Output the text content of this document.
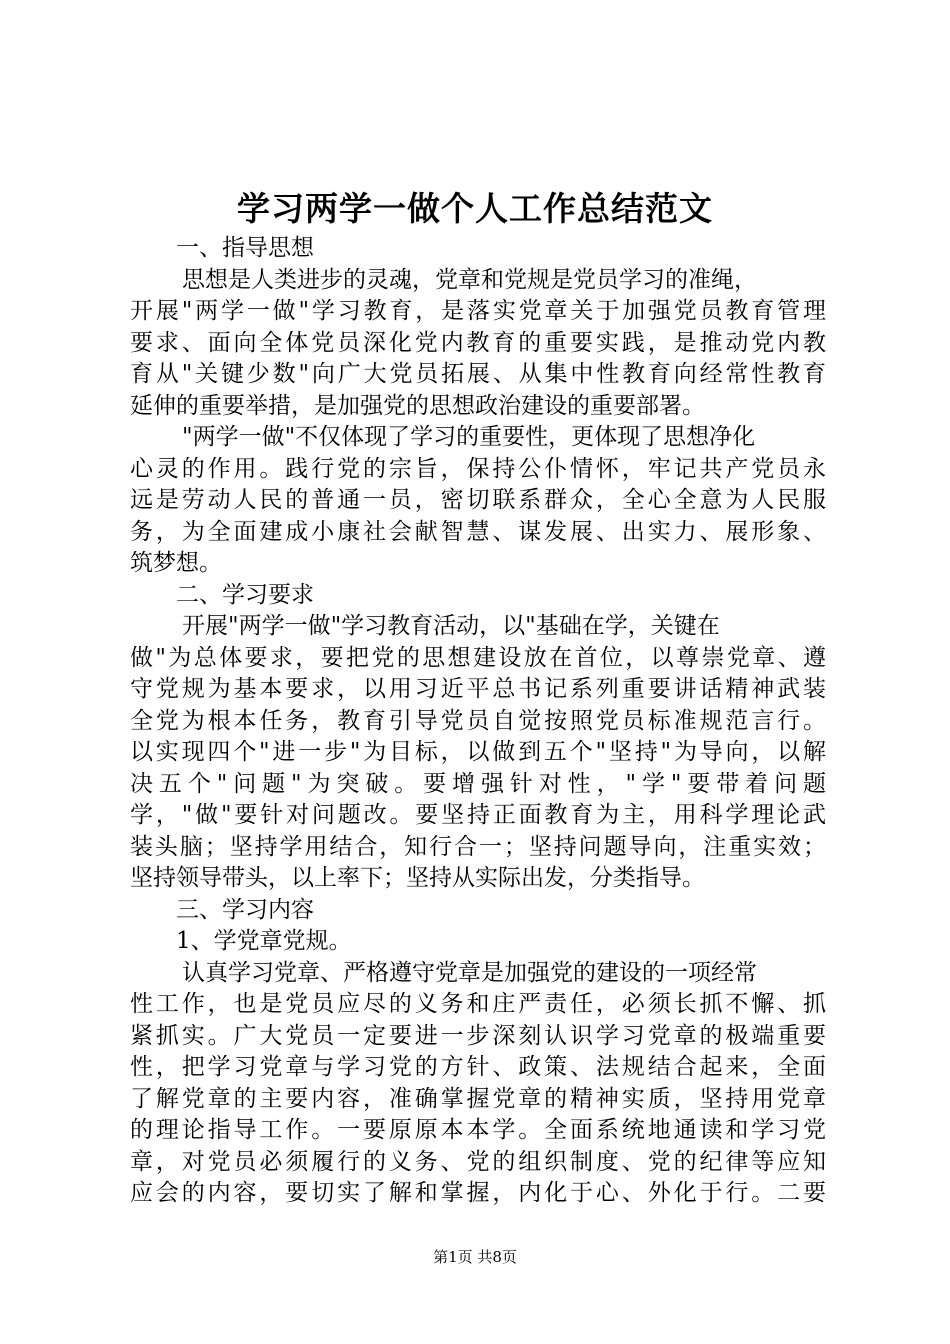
学习两学一做个人工作总结范文
一、指导思想
思想是人类进步的灵魂，党章和党规是党员学习的准绳，
开展"两学一做"学习教育，是落实党章关于加强党员教育管理
要求、面向全体党员深化党内教育的重要实践，是推动党内教
育从"关键少数"向广大党员拓展、从集中性教育向经常性教育
延伸的重要举措，是加强党的思想政治建设的重要部署。
"两学一做"不仅体现了学习的重要性，更体现了思想净化
心灵的作用。践行党的宗旨，保持公仆情怀，牢记共产党员永
远是劳动人民的普通一员，密切联系群众，全心全意为人民服
务，为全面建成小康社会献智慧、谋发展、出实力、展形象、
筑梦想。
二、学习要求
开展"两学一做"学习教育活动，以"基础在学，关键在
做"为总体要求，要把党的思想建设放在首位，以尊崇党章、遵
守党规为基本要求，以用习近平总书记系列重要讲话精神武装
全党为根本任务，教育引导党员自觉按照党员标准规范言行。
以实现四个"进一步"为目标，以做到五个"坚持"为导向，以解
决五个"问题"为突破。要增强针对性，"学"要带着问题
学，"做"要针对问题改。要坚持正面教育为主，用科学理论武
装头脑；坚持学用结合，知行合一；坚持问题导向，注重实效；
坚持领导带头，以上率下；坚持从实际出发，分类指导。
三、学习内容
1、学党章党规。
认真学习党章、严格遵守党章是加强党的建设的一项经常
性工作，也是党员应尽的义务和庄严责任，必须长抓不懈、抓
紧抓实。广大党员一定要进一步深刻认识学习党章的极端重要
性，把学习党章与学习党的方针、政策、法规结合起来，全面
了解党章的主要内容，准确掌握党章的精神实质，坚持用党章
的理论指导工作。一要原原本本学。全面系统地通读和学习党
章，对党员必须履行的义务、党的组织制度、党的纪律等应知
应会的内容，要切实了解和掌握，内化于心、外化于行。二要
第1页 共8页
